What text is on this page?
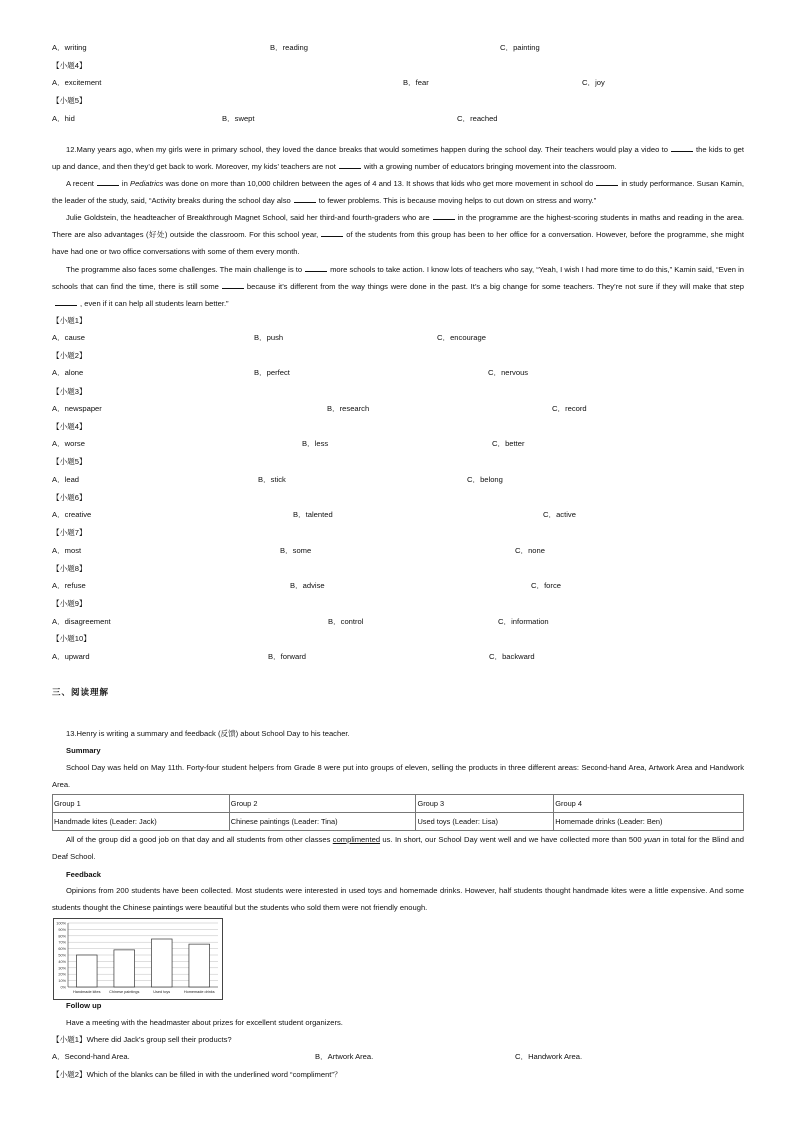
A．writing	B．reading	C．painting
【小题4】
A．excitement	B．fear	C．joy
【小题5】
A．hid	B．swept	C．reached
12.Many years ago, when my girls were in primary school, they loved the dance breaks that would sometimes happen during the school day. Their teachers would play a video to	the kids to get up and dance, and then they’d get back to work. Moreover, my kids’ teachers are not	with a growing number of educators bringing movement into the classroom.
A recent	in Pediatrics was done on more than 10,000 children between the ages of 4 and 13. It shows that kids who get more movement in school do	in study performance. Susan Kamin, the leader of the study, said, “Activity breaks during the school day also	to fewer problems. This is because moving helps to cut down on stress and worry.”
Julie Goldstein, the headteacher of Breakthrough Magnet School, said her third-and fourth-graders who are	in the programme are the highest-scoring students in maths and reading in the area. There are also advantages (好处) outside the classroom. For this school year,	of the students from this group has been to her office for a conversation. However, before the programme, she might have had one or two office conversations with some of them every month.
The programme also faces some challenges. The main challenge is to	more schools to take action. I know lots of teachers who say, “Yeah, I wish I had more time to do this,” Kamin said, “Even in schools that can find the time, there is still some	because it’s different from the way things were done in the past. It’s a big change for some teachers. They’re not sure if they will make that step, even if it can help all students learn better.”
【小题1】
A．cause	B．push	C．encourage
【小题2】
A．alone	B．perfect	C．nervous
【小题3】
A．newspaper	B．research	C．record
【小题4】
A．worse	B．less	C．better
【小题5】
A．lead	B．stick	C．belong
【小题6】
A．creative	B．talented	C．active
【小题7】
A．most	B．some	C．none
【小题8】
A．refuse	B．advise	C．force
【小题9】
A．disagreement	B．control	C．information
【小题10】
A．upward	B．forward	C．backward
三、阅读理解
13.Henry is writing a summary and feedback (反馈) about School Day to his teacher.
Summary
School Day was held on May 11th. Forty-four student helpers from Grade 8 were put into groups of eleven, selling the products in three different areas: Second-hand Area, Artwork Area and Handwork Area.
Group 1	Group 2	Group 3	Group 4
Handmade kites (Leader: Jack)	Chinese paintings (Leader: Tina)	Used toys (Leader: Lisa)	Homemade drinks (Leader: Ben)
All of the group did a good job on that day and all students from other classes complimented us. In short, our School Day went well and we have collected more than 500 yuan in total for the Blind and Deaf School.
Feedback
Opinions from 200 students have been collected. Most students were interested in used toys and homemade drinks. However, half students thought handmade kites were a little expensive. And some students thought the Chinese paintings were beautiful but the students who sold them were not friendly enough.
0%
10%
20%
30%
40%
50%
60%
70%
80%
90%
100%
Handmade kites Chinese paintings	Used toys	Homemade drinks
Follow up
Have a meeting with the headmaster about prizes for excellent student organizers.
【小题1】Where did Jack’s group sell their products?
A．Second-hand Area.	B．Artwork Area.	C．Handwork Area.
【小题2】Which of the blanks can be filled in with the underlined word “compliment”？
